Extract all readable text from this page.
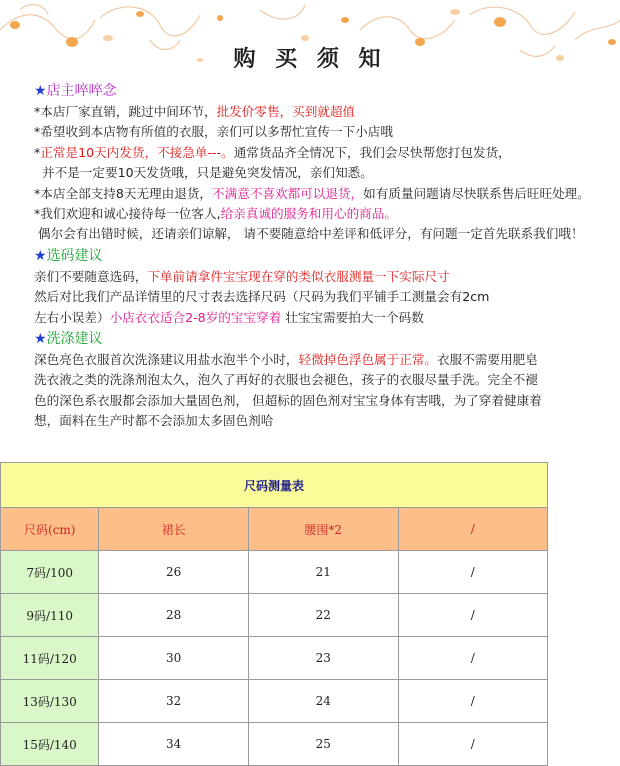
购 买 须 知
★店主啐啐念
*本店厂家直销，跳过中间环节，批发价零售，买到就超值
*希望收到本店物有所值的衣服，亲们可以多帮忙宣传一下小店哦
*正常是10天内发货，不接急单---。通常货品齐全情况下，我们会尽快帮您打包发货，
并不是一定要10天发货哦，只是避免突发情况，亲们知悉。
*本店全部支持8天无理由退货，不满意不喜欢都可以退货，如有质量问题请尽快联系售后旺旺处理。
*我们欢迎和诚心接待每一位客人,给亲真诚的服务和用心的商品。
偶尔会有出错时候，还请亲们谅解， 请不要随意给中差评和低评分，有问题一定首先联系我们哦！
★选码建议
亲们不要随意选码，下单前请拿件宝宝现在穿的类似衣服测量一下实际尺寸
然后对比我们产品详情里的尺寸表去选择尺码（尺码为我们平铺手工测量会有2cm
左右小误差）小店衣衣适合2-8岁的宝宝穿着 壮宝宝需要拍大一个码数
★洗涤建议
深色亮色衣服首次洗涤建议用盐水泡半个小时，轻微掉色浮色属于正常。衣服不需要用肥皂
洗衣液之类的洗涤剂泡太久，泡久了再好的衣服也会褪色，孩子的衣服尽量手洗。完全不褪
色的深色系衣服都会添加大量固色剂， 但超标的固色剂对宝宝身体有害哦，为了穿着健康着
想，面料在生产时都不会添加太多固色剂哈
尺码测量表			
尺码(cm)	裙长	腰围*2	/
7码/100	26	21	/
9码/110	28	22	/
11码/120	30	23	/
13码/130	32	24	/
15码/140	34	25	/
